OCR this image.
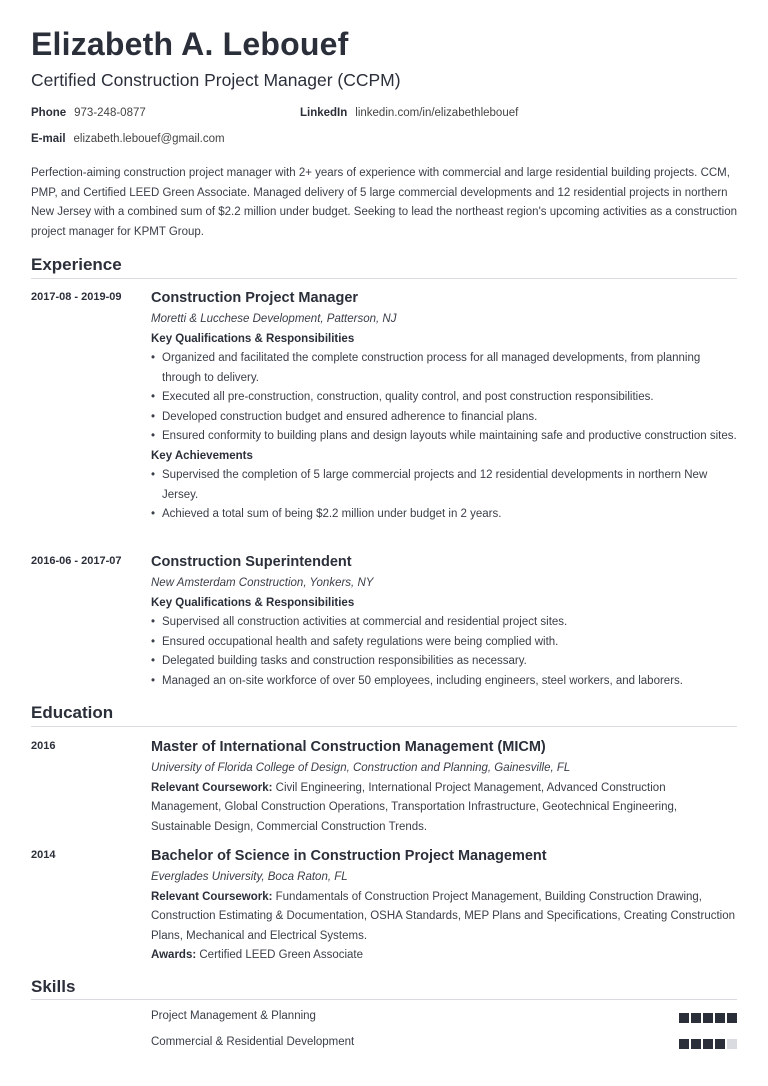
Elizabeth A. Lebouef
Certified Construction Project Manager (CCPM)
Phone 973-248-0877	LinkedIn linkedin.com/in/elizabethlebouef
E-mail elizabeth.lebouef@gmail.com
Perfection-aiming construction project manager with 2+ years of experience with commercial and large residential building projects. CCM, PMP, and Certified LEED Green Associate. Managed delivery of 5 large commercial developments and 12 residential projects in northern New Jersey with a combined sum of $2.2 million under budget. Seeking to lead the northeast region's upcoming activities as a construction project manager for KPMT Group.
Experience
2017-08 - 2019-09 Construction Project Manager
Moretti & Lucchese Development, Patterson, NJ
Key Qualifications & Responsibilities
• Organized and facilitated the complete construction process for all managed developments, from planning through to delivery.
• Executed all pre-construction, construction, quality control, and post construction responsibilities.
• Developed construction budget and ensured adherence to financial plans.
• Ensured conformity to building plans and design layouts while maintaining safe and productive construction sites.
Key Achievements
• Supervised the completion of 5 large commercial projects and 12 residential developments in northern New Jersey.
• Achieved a total sum of being $2.2 million under budget in 2 years.
2016-06 - 2017-07 Construction Superintendent
New Amsterdam Construction, Yonkers, NY
Key Qualifications & Responsibilities
• Supervised all construction activities at commercial and residential project sites.
• Ensured occupational health and safety regulations were being complied with.
• Delegated building tasks and construction responsibilities as necessary.
• Managed an on-site workforce of over 50 employees, including engineers, steel workers, and laborers.
Education
2016	Master of International Construction Management (MICM)
University of Florida College of Design, Construction and Planning, Gainesville, FL
Relevant Coursework: Civil Engineering, International Project Management, Advanced Construction Management, Global Construction Operations, Transportation Infrastructure, Geotechnical Engineering, Sustainable Design, Commercial Construction Trends.
2014	Bachelor of Science in Construction Project Management
Everglades University, Boca Raton, FL
Relevant Coursework: Fundamentals of Construction Project Management, Building Construction Drawing, Construction Estimating & Documentation, OSHA Standards, MEP Plans and Specifications, Creating Construction Plans, Mechanical and Electrical Systems.
Awards: Certified LEED Green Associate
Skills
Project Management & Planning
Commercial & Residential Development
